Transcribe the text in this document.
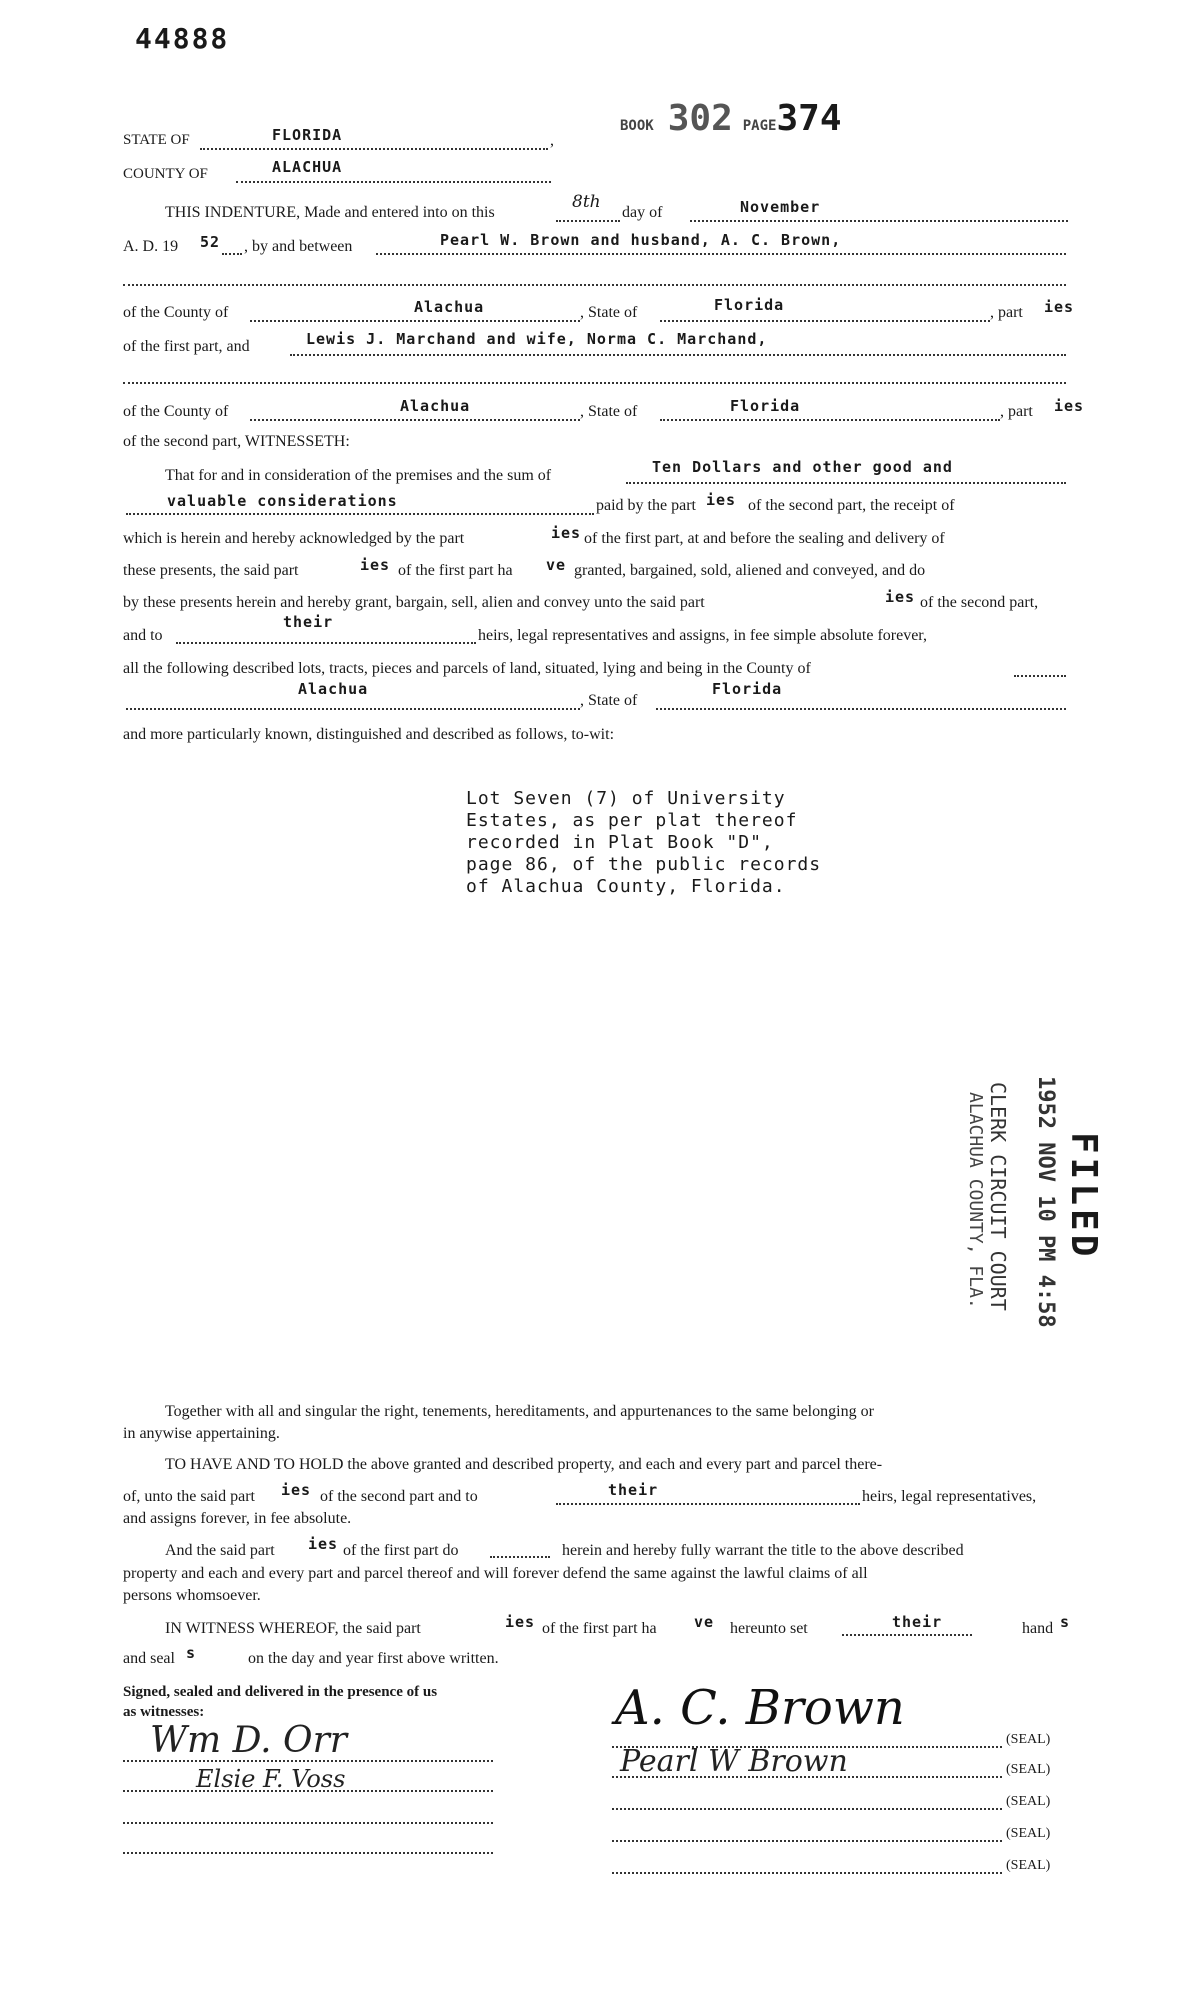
44888
BOOK 302 PAGE374
STATE OF	FLORIDA	,
COUNTY OF	ALACHUA
THIS INDENTURE, Made and entered into on this
8th
day of	November
A. D. 19 52 , by and between	Pearl W. Brown and husband, A. C. Brown,
of the County of	Alachua	, State of	Florida	, part ies
of the first part, and	Lewis J. Marchand and wife, Norma C. Marchand,
of the County of	Alachua	, State of	Florida	, part ies
of the second part, WITNESSETH:
That for and in consideration of the premises and the sum of	Ten Dollars and other good and
valuable considerations	paid by the part ies of the second part, the receipt of
which is herein and hereby acknowledged by the part	ies of the first part, at and before the sealing and delivery of
these presents, the said part	ies of the first part ha ve granted, bargained, sold, aliened and conveyed, and do
by these presents herein and hereby grant, bargain, sell, alien and convey unto the said part	ies of the second part,
and to
their
heirs, legal representatives and assigns, in fee simple absolute forever,
all the following described lots, tracts, pieces and parcels of land, situated, lying and being in the County of
Alachua
, State of
Florida
and more particularly known, distinguished and described as follows, to-wit:
Lot Seven (7) of University
Estates, as per plat thereof
recorded in Plat Book "D",
page 86, of the public records
of Alachua County, Florida.
FILED
1952 NOV 10 PM 4:58
CLERK CIRCUIT COURT
ALACHUA COUNTY, FLA.
Together with all and singular the right, tenements, hereditaments, and appurtenances to the same belonging or
in anywise appertaining.
TO HAVE AND TO HOLD the above granted and described property, and each and every part and parcel there-
of, unto the said part ies of the second part and to	their	heirs, legal representatives,
and assigns forever, in fee absolute.
And the said part ies of the first part do	herein and hereby fully warrant the title to the above described
property and each and every part and parcel thereof and will forever defend the same against the lawful claims of all
persons whomsoever.
IN WITNESS WHEREOF, the said part	ies of the first part ha ve hereunto set	their	hand s
and seal s	on the day and year first above written.
Signed, sealed and delivered in the presence of us
as witnesses:
Wm D. Orr
Elsie F. Voss
(SEAL)
(SEAL)
(SEAL)
(SEAL)
(SEAL)
A. C. Brown
Pearl W Brown
